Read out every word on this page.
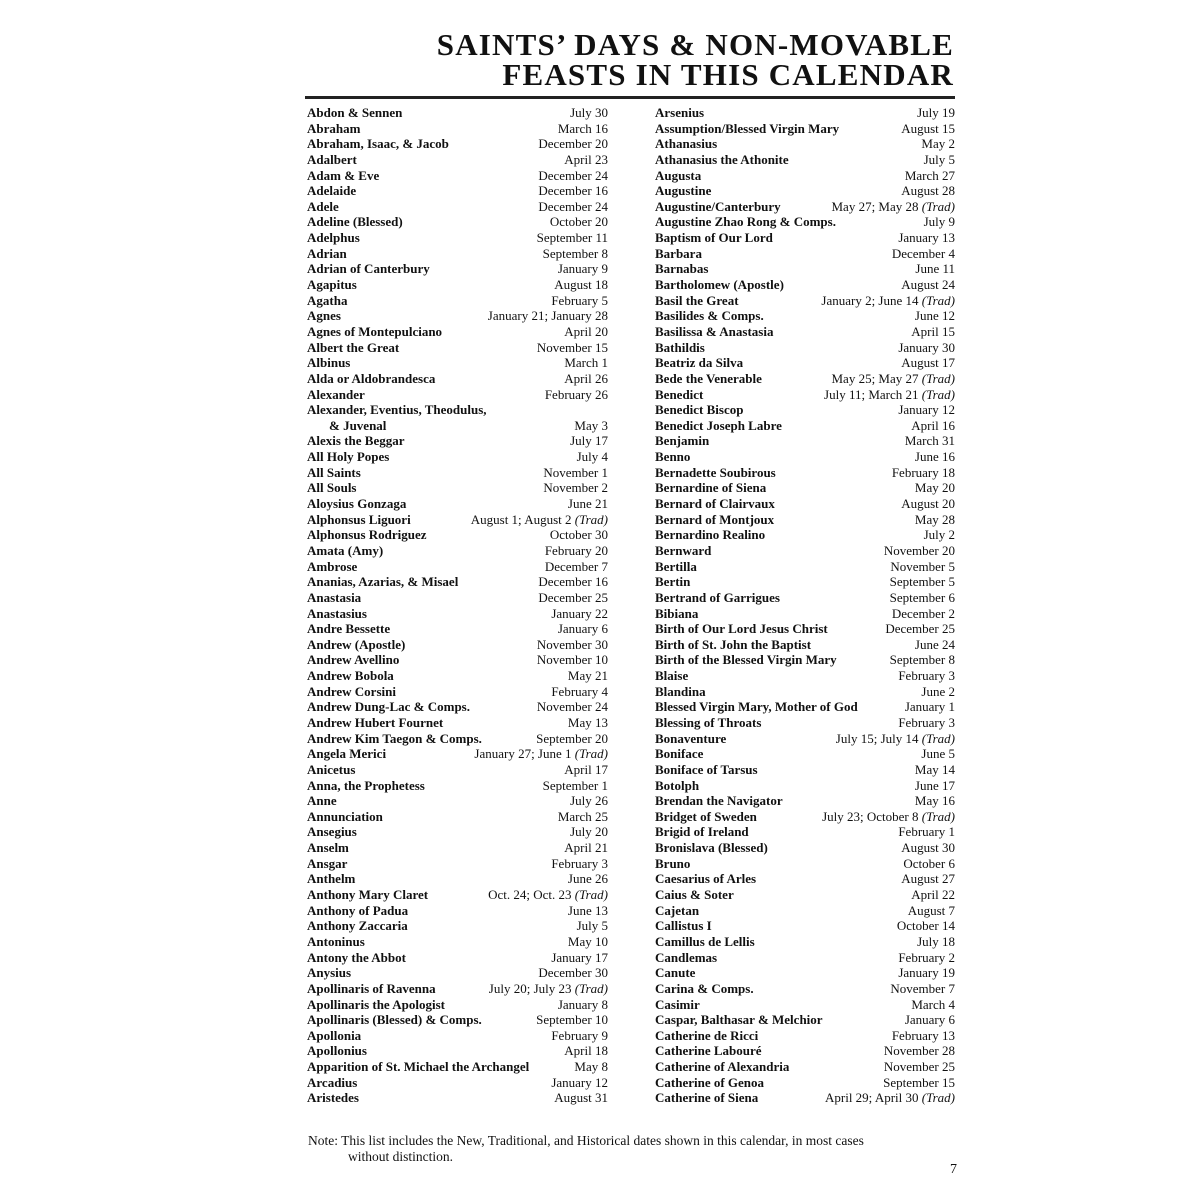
SAINTS’ DAYS & NON-MOVABLE
FEASTS IN THIS CALENDAR
Abdon & Sennen	July 30
Abraham	March 16
Abraham, Isaac, & Jacob	December 20
Adalbert	April 23
Adam & Eve	December 24
Adelaide	December 16
Adele	December 24
Adeline (Blessed)	October 20
Adelphus	September 11
Adrian	September 8
Adrian of Canterbury	January 9
Agapitus	August 18
Agatha	February 5
Agnes	January 21; January 28
Agnes of Montepulciano	April 20
Albert the Great	November 15
Albinus	March 1
Alda or Aldobrandesca	April 26
Alexander	February 26
Alexander, Eventius, Theodulus,
& Juvenal	May 3
Alexis the Beggar	July 17
All Holy Popes	July 4
All Saints	November 1
All Souls	November 2
Aloysius Gonzaga	June 21
Alphonsus Liguori	August 1; August 2 (Trad)
Alphonsus Rodriguez	October 30
Amata (Amy)	February 20
Ambrose	December 7
Ananias, Azarias, & Misael	December 16
Anastasia	December 25
Anastasius	January 22
Andre Bessette	January 6
Andrew (Apostle)	November 30
Andrew Avellino	November 10
Andrew Bobola	May 21
Andrew Corsini	February 4
Andrew Dung-Lac & Comps.	November 24
Andrew Hubert Fournet	May 13
Andrew Kim Taegon & Comps.	September 20
Angela Merici	January 27; June 1 (Trad)
Anicetus	April 17
Anna, the Prophetess	September 1
Anne	July 26
Annunciation	March 25
Ansegius	July 20
Anselm	April 21
Ansgar	February 3
Anthelm	June 26
Anthony Mary Claret	Oct. 24; Oct. 23 (Trad)
Anthony of Padua	June 13
Anthony Zaccaria	July 5
Antoninus	May 10
Antony the Abbot	January 17
Anysius	December 30
Apollinaris of Ravenna	July 20; July 23 (Trad)
Apollinaris the Apologist	January 8
Apollinaris (Blessed) & Comps.	September 10
Apollonia	February 9
Apollonius	April 18
Apparition of St. Michael the Archangel	May 8
Arcadius	January 12
Aristedes	August 31
Arsenius	July 19
Assumption/Blessed Virgin Mary	August 15
Athanasius	May 2
Athanasius the Athonite	July 5
Augusta	March 27
Augustine	August 28
Augustine/Canterbury	May 27; May 28 (Trad)
Augustine Zhao Rong & Comps.	July 9
Baptism of Our Lord	January 13
Barbara	December 4
Barnabas	June 11
Bartholomew (Apostle)	August 24
Basil the Great	January 2; June 14 (Trad)
Basilides & Comps.	June 12
Basilissa & Anastasia	April 15
Bathildis	January 30
Beatriz da Silva	August 17
Bede the Venerable	May 25; May 27 (Trad)
Benedict	July 11; March 21 (Trad)
Benedict Biscop	January 12
Benedict Joseph Labre	April 16
Benjamin	March 31
Benno	June 16
Bernadette Soubirous	February 18
Bernardine of Siena	May 20
Bernard of Clairvaux	August 20
Bernard of Montjoux	May 28
Bernardino Realino	July 2
Bernward	November 20
Bertilla	November 5
Bertin	September 5
Bertrand of Garrigues	September 6
Bibiana	December 2
Birth of Our Lord Jesus Christ	December 25
Birth of St. John the Baptist	June 24
Birth of the Blessed Virgin Mary	September 8
Blaise	February 3
Blandina	June 2
Blessed Virgin Mary, Mother of God	January 1
Blessing of Throats	February 3
Bonaventure	July 15; July 14 (Trad)
Boniface	June 5
Boniface of Tarsus	May 14
Botolph	June 17
Brendan the Navigator	May 16
Bridget of Sweden	July 23; October 8 (Trad)
Brigid of Ireland	February 1
Bronislava (Blessed)	August 30
Bruno	October 6
Caesarius of Arles	August 27
Caius & Soter	April 22
Cajetan	August 7
Callistus I	October 14
Camillus de Lellis	July 18
Candlemas	February 2
Canute	January 19
Carina & Comps.	November 7
Casimir	March 4
Caspar, Balthasar & Melchior	January 6
Catherine de Ricci	February 13
Catherine Labouré	November 28
Catherine of Alexandria	November 25
Catherine of Genoa	September 15
Catherine of Siena	April 29; April 30 (Trad)
Note: This list includes the New, Traditional, and Historical dates shown in this calendar, in most cases
without distinction.
7
